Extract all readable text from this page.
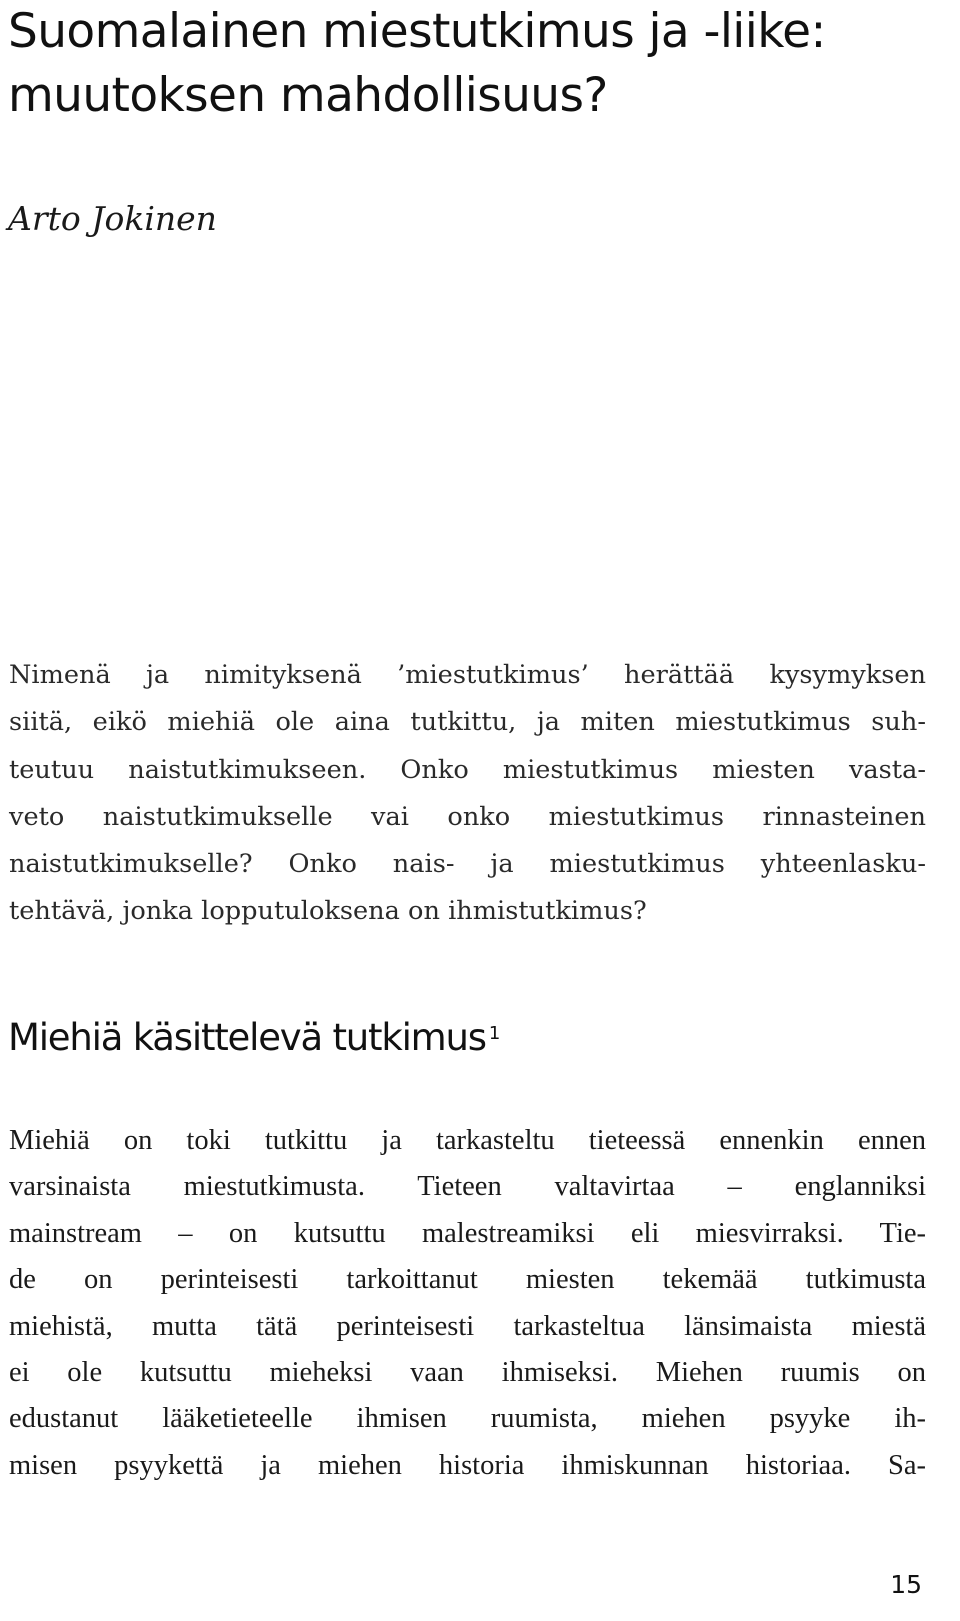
Suomalainen miestutkimus ja -liike:
muutoksen mahdollisuus?

Arto Jokinen

Nimenä ja nimityksenä ’miestutkimus’ herättää kysymyksen
siitä, eikö miehiä ole aina tutkittu, ja miten miestutkimus suh-
teutuu naistutkimukseen. Onko miestutkimus miesten vasta-
veto naistutkimukselle vai onko miestutkimus rinnasteinen
naistutkimukselle? Onko nais- ja miestutkimus yhteenlasku-
tehtävä, jonka lopputuloksena on ihmistutkimus?
Miehiä käsittelevä tutkimus $^1$
Miehiä on toki tutkittu ja tarkasteltu tieteessä ennenkin ennen
varsinaista miestutkimusta. Tieteen valtavirtaa – englanniksi
mainstream – on kutsuttu malestreamiksi eli miesvirraksi. Tie-
de on perinteisesti tarkoittanut miesten tekemää tutkimusta
miehistä, mutta tätä perinteisesti tarkasteltua länsimaista miestä
ei ole kutsuttu mieheksi vaan ihmiseksi. Miehen ruumis on
edustanut lääketieteelle ihmisen ruumista, miehen psyyke ih-
misen psyykettä ja miehen historia ihmiskunnan historiaa. Sa-

15
